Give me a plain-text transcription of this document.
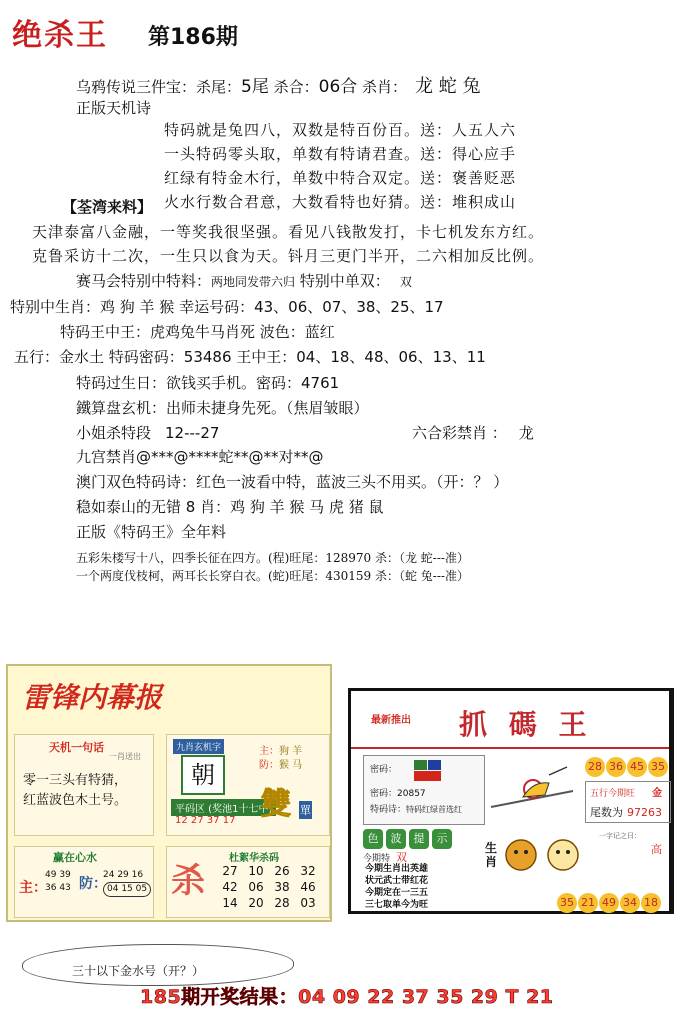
绝杀王 第186期
乌鸦传说三件宝：杀尾：5尾 杀合：06合 杀肖： 龙 蛇 兔
正版天机诗
特码就是兔四八，双数是特百份百。送：人五人六
一头特码零头取，单数有特请君查。送：得心应手
红绿有特金木行，单数中特合双定。送：褒善贬恶
火水行数合君意，大数看特也好猜。送：堆积成山
【荃湾来料】
天津泰富八金融，一等奖我很坚强。看见八钱散发打，卡七机发东方红。
克鲁采访十二次，一生只以食为天。钭月三更门半开，二六相加反比例。
赛马会特别中特料：两地同发带六归 特别中单双： 双
特别中生肖：鸡 狗 羊 猴 幸运号码：43、06、07、38、25、17
特码王中王：虎鸡兔牛马肖死 波色：蓝红
五行：金水土 特码密码：53486 王中王：04、18、48、06、13、11
特码过生日：欲钱买手机。密码：4761
鐵算盘玄机：出师未捷身先死。（焦眉皱眼）
小姐杀特段 12---27	六合彩禁肖 ： 龙
九宫禁肖@***@****蛇**@**对**@
澳门双色特码诗：红色一波看中特，蓝波三头不用买。（开：？ ）
稳如泰山的无错 8 肖：鸡 狗 羊 猴 马 虎 猪 鼠
正版《特码王》全年料
五彩朱楼写十八，四季长征在四方。(程)旺尾：128970 杀：（龙 蛇---准）
一个两度伐枝柯，两耳长长穿白衣。(蛇)旺尾：430159 杀：（蛇 兔---准）
雷锋内幕报
天机一句话
一肖送出
零一三头有特猜，
红蓝波色木土号。
九肖玄机字
朝
平码区 (奖池1十七中)
12 27 37 17
主：狗 羊
防：猴 马
雙 單
赢在心水
主：
49 39
36 43 防：
24 29 16
04 15 05 杀
杜絮华杀码
27 10 26 32
42 06 38 46
14 20 28 03
最新推出 抓 碼 王
密码：
密码：20857
特码诗：特码红绿首选红
28 36 45 35
五行今期旺 金
尾数为 97263
色 波 提 示
今期特 双
今期生肖出英雄
状元武士带红花
今期定在一三五
三七取单今为旺
生
肖
一字记之曰：
高
35 21 49 34 18
三十以下金水号（开？）
185期开奖结果：04 09 22 37 35 29 T 21
